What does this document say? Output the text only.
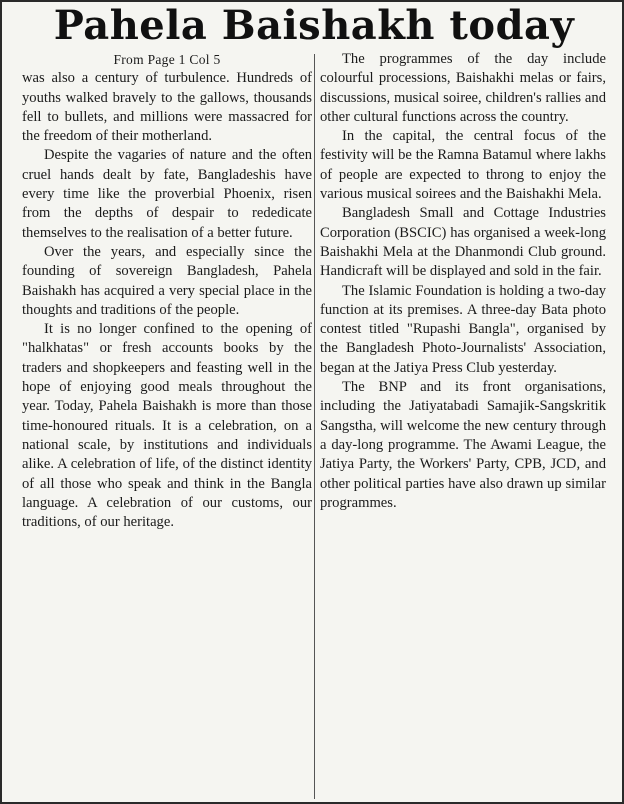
Pahela Baishakh today

From Page 1 Col 5

was also a century of turbulence. Hundreds of youths walked bravely to the gallows, thousands fell to bullets, and millions were massacred for the freedom of their motherland.

Despite the vagaries of nature and the often cruel hands dealt by fate, Bangladeshis have every time like the proverbial Phoenix, risen from the depths of despair to rededicate themselves to the realisation of a better future.

Over the years, and especially since the founding of sovereign Bangladesh, Pahela Baishakh has acquired a very special place in the thoughts and traditions of the people.

It is no longer confined to the opening of "halkhatas" or fresh accounts books by the traders and shopkeepers and feasting well in the hope of enjoying good meals throughout the year. Today, Pahela Baishakh is more than those time-honoured rituals. It is a celebration, on a national scale, by institutions and individuals alike. A celebration of life, of the distinct identity of all those who speak and think in the Bangla language. A celebration of our customs, our traditions, of our heritage.

The programmes of the day include colourful processions, Baishakhi melas or fairs, discussions, musical soiree, children's rallies and other cultural functions across the country.

In the capital, the central focus of the festivity will be the Ramna Batamul where lakhs of people are expected to throng to enjoy the various musical soirees and the Baishakhi Mela.

Bangladesh Small and Cottage Industries Corporation (BSCIC) has organised a week-long Baishakhi Mela at the Dhanmondi Club ground. Handicraft will be displayed and sold in the fair.

The Islamic Foundation is holding a two-day function at its premises. A three-day Bata photo contest titled "Rupashi Bangla", organised by the Bangladesh Photo-Journalists' Association, began at the Jatiya Press Club yesterday.

The BNP and its front organisations, including the Jatiyatabadi Samajik-Sangskritik Sangstha, will welcome the new century through a day-long programme. The Awami League, the Jatiya Party, the Workers' Party, CPB, JCD, and other political parties have also drawn up similar programmes.
